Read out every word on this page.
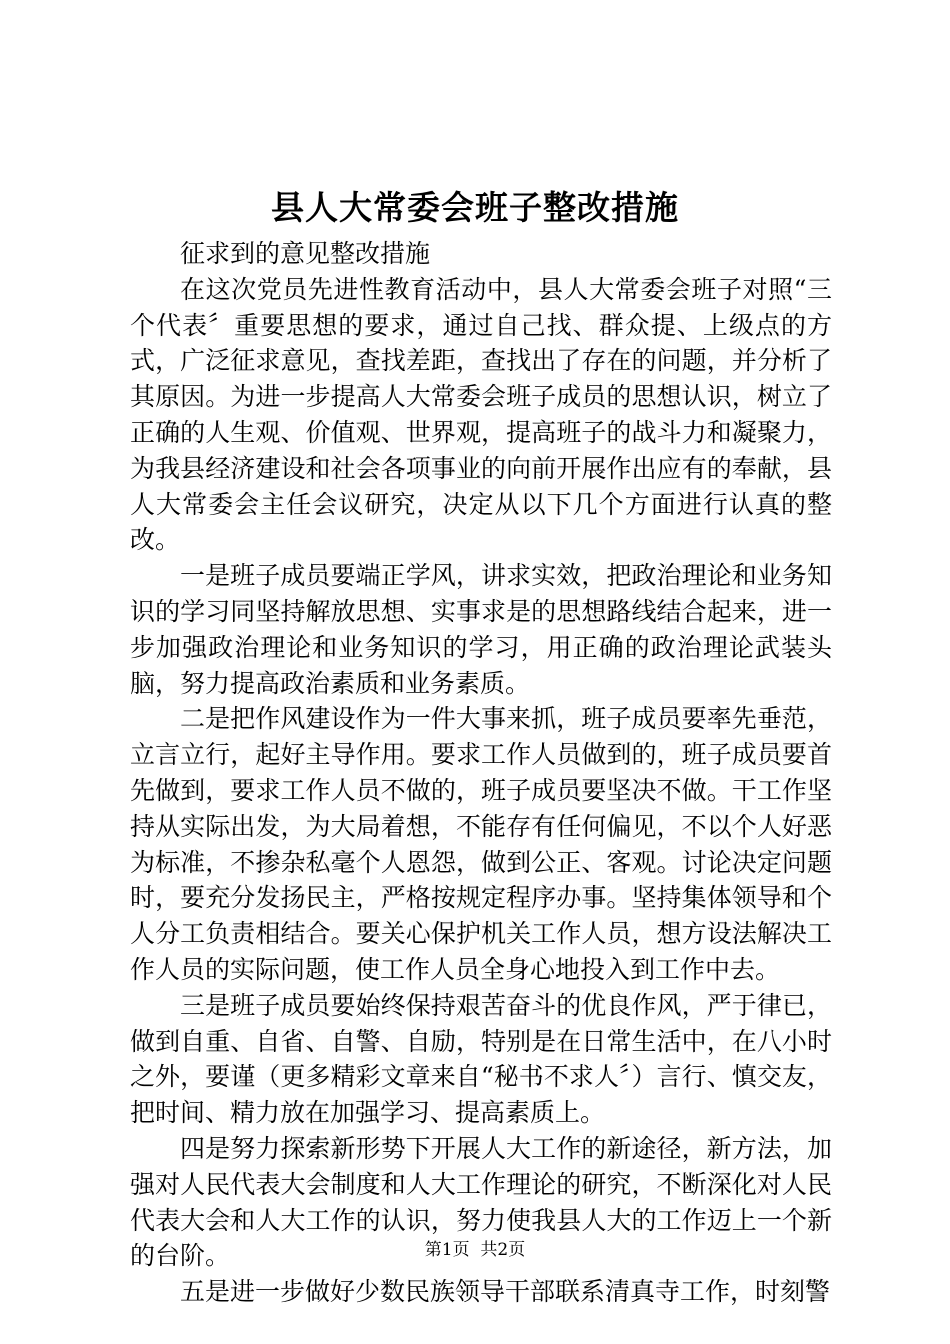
县人大常委会班子整改措施

征求到的意见整改措施

在这次党员先进性教育活动中，县人大常委会班子对照“三个代表〞重要思想的要求，通过自己找、群众提、上级点的方式，广泛征求意见，查找差距，查找出了存在的问题，并分析了其原因。为进一步提高人大常委会班子成员的思想认识，树立了正确的人生观、价值观、世界观，提高班子的战斗力和凝聚力，为我县经济建设和社会各项事业的向前开展作出应有的奉献，县人大常委会主任会议研究，决定从以下几个方面进行认真的整改。

一是班子成员要端正学风，讲求实效，把政治理论和业务知识的学习同坚持解放思想、实事求是的思想路线结合起来，进一步加强政治理论和业务知识的学习，用正确的政治理论武装头脑，努力提高政治素质和业务素质。

二是把作风建设作为一件大事来抓，班子成员要率先垂范，立言立行，起好主导作用。要求工作人员做到的，班子成员要首先做到，要求工作人员不做的，班子成员要坚决不做。干工作坚持从实际出发，为大局着想，不能存有任何偏见，不以个人好恶为标准，不掺杂私毫个人恩怨，做到公正、客观。讨论决定问题时，要充分发扬民主，严格按规定程序办事。坚持集体领导和个人分工负责相结合。要关心保护机关工作人员，想方设法解决工作人员的实际问题，使工作人员全身心地投入到工作中去。

三是班子成员要始终保持艰苦奋斗的优良作风，严于律已，做到自重、自省、自警、自励，特别是在日常生活中，在八小时之外，要谨（更多精彩文章来自“秘书不求人〞）言行、慎交友，把时间、精力放在加强学习、提高素质上。

四是努力探索新形势下开展人大工作的新途径，新方法，加强对人民代表大会制度和人大工作理论的研究，不断深化对人民代表大会和人大工作的认识，努力使我县人大的工作迈上一个新的台阶。

五是进一步做好少数民族领导干部联系清真寺工作，时刻警

第1页  共2页
